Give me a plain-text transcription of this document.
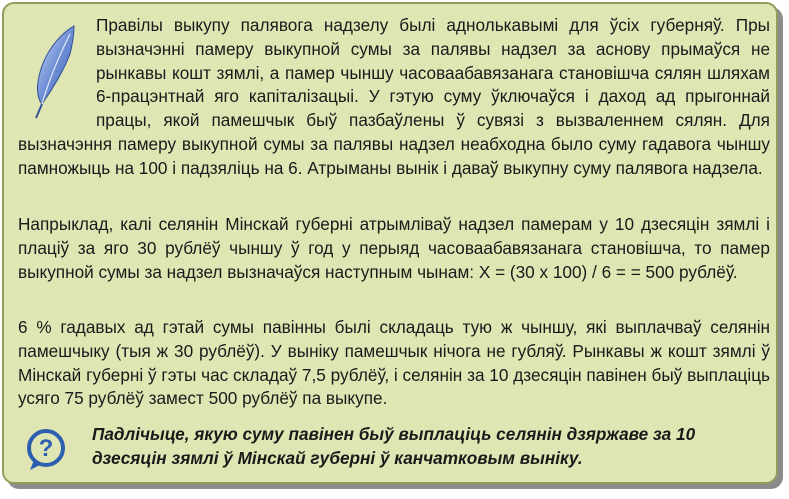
Правілы выкупу палявога надзелу былі аднолькавымі для ўсіх губерняў. Пры вызначэнні памеру выкупной сумы за палявы надзел за аснову прымаўся не рынкавы кошт зямлі, а памер чыншу часоваабавязанага становішча сялян шляхам 6-працэнтнай яго капіталізацыі. У гэтую суму ўключаўся і даход ад прыгоннай працы, якой памешчык быў пазбаўлены ў сувязі з вызваленнем сялян. Для вызначэння памеру выкупной сумы за палявы надзел неабходна было суму гадавога чыншу памножыць на 100 і падзяліць на 6. Атрыманы вынік і даваў выкупну суму палявога надзела.

Напрыклад, калі селянін Мінскай губерні атрымліваў надзел памерам у 10 дзесяцін зямлі і плаціў за яго 30 рублёў чыншу ў год у перыяд часоваабавязанага становішча, то памер выкупной сумы за надзел вызначаўся наступным чынам: X = (30 x 100) / 6 = = 500 рублёў.

6 % гадавых ад гэтай сумы павінны былі складаць тую ж чыншу, які выплачваў селянін памешчыку (тыя ж 30 рублёў). У выніку памешчык нічога не губляў. Рынкавы ж кошт зямлі ў Мінскай губерні ў гэты час складаў 7,5 рублёў, і селянін за 10 дзесяцін павінен быў выплаціць усяго 75 рублёў замест 500 рублёў па выкупе.

?

Падлічыце, якую суму павінен быў выплаціць селянін дзяржаве за 10 дзесяцін зямлі ў Мінскай губерні ў канчатковым выніку.
